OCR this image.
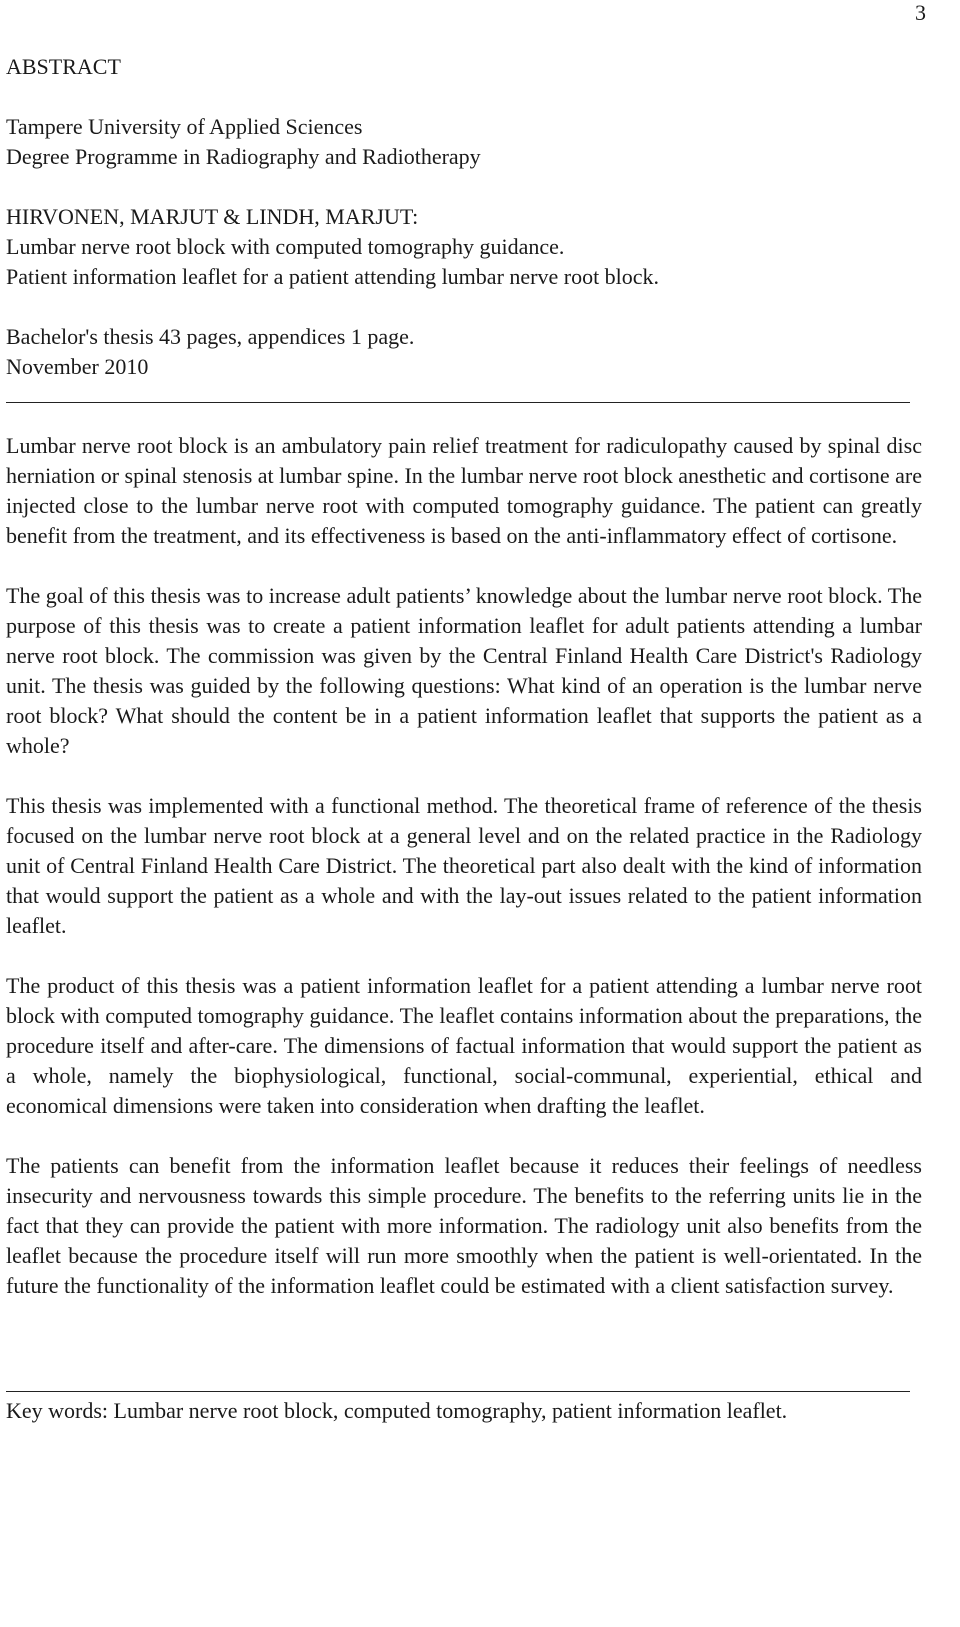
3
ABSTRACT
Tampere University of Applied Sciences
Degree Programme in Radiography and Radiotherapy
HIRVONEN, MARJUT & LINDH, MARJUT:
Lumbar nerve root block with computed tomography guidance.
Patient information leaflet for a patient attending lumbar nerve root block.
Bachelor's thesis 43 pages, appendices 1 page.
November 2010

Lumbar nerve root block is an ambulatory pain relief treatment for radiculopathy caused by spinal disc herniation or spinal stenosis at lumbar spine. In the lumbar nerve root block anesthetic and cortisone are injected close to the lumbar nerve root with computed tomography guidance. The patient can greatly benefit from the treatment, and its effectiveness is based on the anti-inflammatory effect of cortisone.

The goal of this thesis was to increase adult patients’ knowledge about the lumbar nerve root block. The purpose of this thesis was to create a patient information leaflet for adult patients attending a lumbar nerve root block. The commission was given by the Central Finland Health Care District's Radiology unit. The thesis was guided by the following questions: What kind of an operation is the lumbar nerve root block? What should the content be in a patient information leaflet that supports the patient as a whole?

This thesis was implemented with a functional method. The theoretical frame of reference of the thesis focused on the lumbar nerve root block at a general level and on the related practice in the Radiology unit of Central Finland Health Care District. The theoretical part also dealt with the kind of information that would support the patient as a whole and with the lay-out issues related to the patient information leaflet.

The product of this thesis was a patient information leaflet for a patient attending a lumbar nerve root block with computed tomography guidance. The leaflet contains information about the preparations, the procedure itself and after-care. The dimensions of factual information that would support the patient as a whole, namely the biophysiological, functional, social-communal, experiential, ethical and economical dimensions were taken into consideration when drafting the leaflet.

The patients can benefit from the information leaflet because it reduces their feelings of needless insecurity and nervousness towards this simple procedure. The benefits to the referring units lie in the fact that they can provide the patient with more information. The radiology unit also benefits from the leaflet because the procedure itself will run more smoothly when the patient is well-orientated. In the future the functionality of the information leaflet could be estimated with a client satisfaction survey.

Key words: Lumbar nerve root block, computed tomography, patient information leaflet.
